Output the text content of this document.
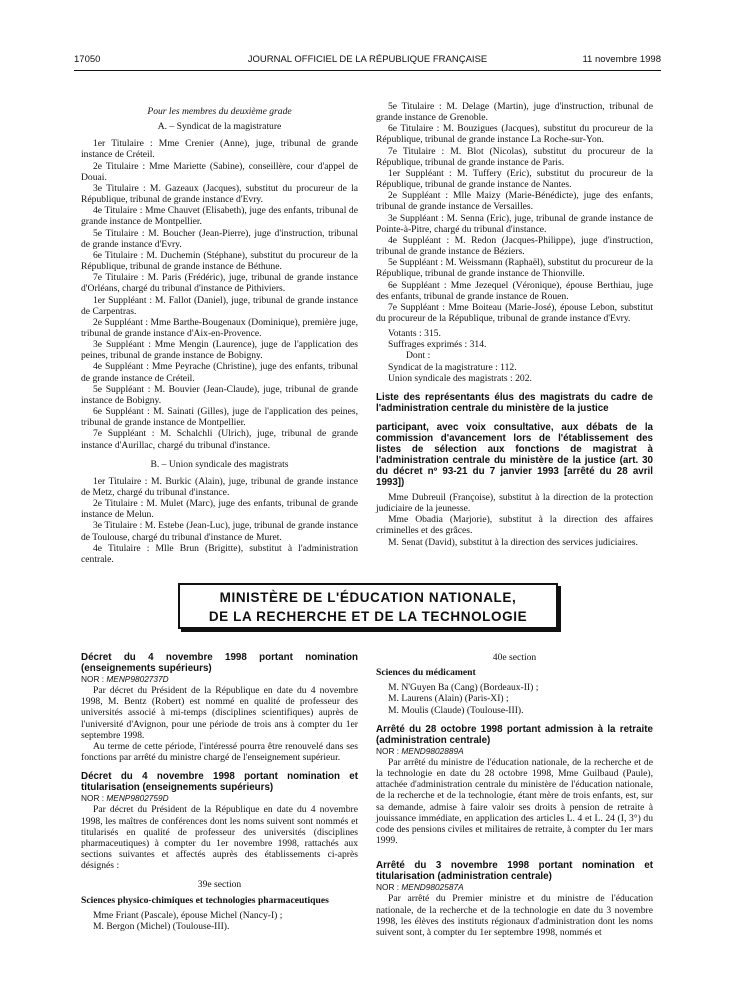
17050	JOURNAL OFFICIEL DE LA RÉPUBLIQUE FRANÇAISE	11 novembre 1998

Pour les membres du deuxième grade

A. – Syndicat de la magistrature

1er Titulaire : Mme Crenier (Anne), juge, tribunal de grande instance de Créteil.

2e Titulaire : Mme Mariette (Sabine), conseillère, cour d'appel de Douai.

3e Titulaire : M. Gazeaux (Jacques), substitut du procureur de la République, tribunal de grande instance d'Evry.

4e Titulaire : Mme Chauvet (Elisabeth), juge des enfants, tribunal de grande instance de Montpellier.

5e Titulaire : M. Boucher (Jean-Pierre), juge d'instruction, tribunal de grande instance d'Evry.

6e Titulaire : M. Duchemin (Stéphane), substitut du procureur de la République, tribunal de grande instance de Béthune.

7e Titulaire : M. Paris (Frédéric), juge, tribunal de grande instance d'Orléans, chargé du tribunal d'instance de Pithiviers.

1er Suppléant : M. Fallot (Daniel), juge, tribunal de grande instance de Carpentras.

2e Suppléant : Mme Barthe-Bougenaux (Dominique), première juge, tribunal de grande instance d'Aix-en-Provence.

3e Suppléant : Mme Mengin (Laurence), juge de l'application des peines, tribunal de grande instance de Bobigny.

4e Suppléant : Mme Peyrache (Christine), juge des enfants, tribunal de grande instance de Créteil.

5e Suppléant : M. Bouvier (Jean-Claude), juge, tribunal de grande instance de Bobigny.

6e Suppléant : M. Sainati (Gilles), juge de l'application des peines, tribunal de grande instance de Montpellier.

7e Suppléant : M. Schalchli (Ulrich), juge, tribunal de grande instance d'Aurillac, chargé du tribunal d'instance.

B. – Union syndicale des magistrats

1er Titulaire : M. Burkic (Alain), juge, tribunal de grande instance de Metz, chargé du tribunal d'instance.

2e Titulaire : M. Mulet (Marc), juge des enfants, tribunal de grande instance de Melun.

3e Titulaire : M. Estebe (Jean-Luc), juge, tribunal de grande instance de Toulouse, chargé du tribunal d'instance de Muret.

4e Titulaire : Mlle Brun (Brigitte), substitut à l'administration centrale.

5e Titulaire : M. Delage (Martin), juge d'instruction, tribunal de grande instance de Grenoble.

6e Titulaire : M. Bouzigues (Jacques), substitut du procureur de la République, tribunal de grande instance La Roche-sur-Yon.

7e Titulaire : M. Blot (Nicolas), substitut du procureur de la République, tribunal de grande instance de Paris.

1er Suppléant : M. Tuffery (Eric), substitut du procureur de la République, tribunal de grande instance de Nantes.

2e Suppléant : Mlle Maizy (Marie-Bénédicte), juge des enfants, tribunal de grande instance de Versailles.

3e Suppléant : M. Senna (Eric), juge, tribunal de grande instance de Pointe-à-Pitre, chargé du tribunal d'instance.

4e Suppléant : M. Redon (Jacques-Philippe), juge d'instruction, tribunal de grande instance de Béziers.

5e Suppléant : M. Weissmann (Raphaël), substitut du procureur de la République, tribunal de grande instance de Thionville.

6e Suppléant : Mme Jezequel (Véronique), épouse Berthiau, juge des enfants, tribunal de grande instance de Rouen.

7e Suppléant : Mme Boiteau (Marie-José), épouse Lebon, substitut du procureur de la République, tribunal de grande instance d'Evry.

Votants : 315.

Suffrages exprimés : 314.

Dont :

Syndicat de la magistrature : 112.

Union syndicale des magistrats : 202.

Liste des représentants élus des magistrats du cadre de l'administration centrale du ministère de la justice

participant, avec voix consultative, aux débats de la commission d'avancement lors de l'établissement des listes de sélection aux fonctions de magistrat à l'administration centrale du ministère de la justice (art. 30 du décret nº 93-21 du 7 janvier 1993 [arrêté du 28 avril 1993])

Mme Dubreuil (Françoise), substitut à la direction de la protection judiciaire de la jeunesse.

Mme Obadia (Marjorie), substitut à la direction des affaires criminelles et des grâces.

M. Senat (David), substitut à la direction des services judiciaires.

MINISTÈRE DE L'ÉDUCATION NATIONALE,
DE LA RECHERCHE ET DE LA TECHNOLOGIE

Décret du 4 novembre 1998 portant nomination (enseignements supérieurs)

NOR : MENP9802737D

Par décret du Président de la République en date du 4 novembre 1998, M. Bentz (Robert) est nommé en qualité de professeur des universités associé à mi-temps (disciplines scientifiques) auprès de l'université d'Avignon, pour une période de trois ans à compter du 1er septembre 1998.

Au terme de cette période, l'intéressé pourra être renouvelé dans ses fonctions par arrêté du ministre chargé de l'enseignement supérieur.

Décret du 4 novembre 1998 portant nomination et titularisation (enseignements supérieurs)

NOR : MENP9802759D

Par décret du Président de la République en date du 4 novembre 1998, les maîtres de conférences dont les noms suivent sont nommés et titularisés en qualité de professeur des universités (disciplines pharmaceutiques) à compter du 1er novembre 1998, rattachés aux sections suivantes et affectés auprès des établissements ci-après désignés :

39e section

Sciences physico-chimiques et technologies pharmaceutiques

Mme Friant (Pascale), épouse Michel (Nancy-I) ;

M. Bergon (Michel) (Toulouse-III).

40e section

Sciences du médicament

M. N'Guyen Ba (Cang) (Bordeaux-II) ;

M. Laurens (Alain) (Paris-XI) ;

M. Moulis (Claude) (Toulouse-III).

Arrêté du 28 octobre 1998 portant admission à la retraite (administration centrale)

NOR : MEND9802889A

Par arrêté du ministre de l'éducation nationale, de la recherche et de la technologie en date du 28 octobre 1998, Mme Guilbaud (Paule), attachée d'administration centrale du ministère de l'éducation nationale, de la recherche et de la technologie, étant mère de trois enfants, est, sur sa demande, admise à faire valoir ses droits à pension de retraite à jouissance immédiate, en application des articles L. 4 et L. 24 (I, 3°) du code des pensions civiles et militaires de retraite, à compter du 1er mars 1999.

Arrêté du 3 novembre 1998 portant nomination et titularisation (administration centrale)

NOR : MEND9802587A

Par arrêté du Premier ministre et du ministre de l'éducation nationale, de la recherche et de la technologie en date du 3 novembre 1998, les élèves des instituts régionaux d'administration dont les noms suivent sont, à compter du 1er septembre 1998, nommés et
